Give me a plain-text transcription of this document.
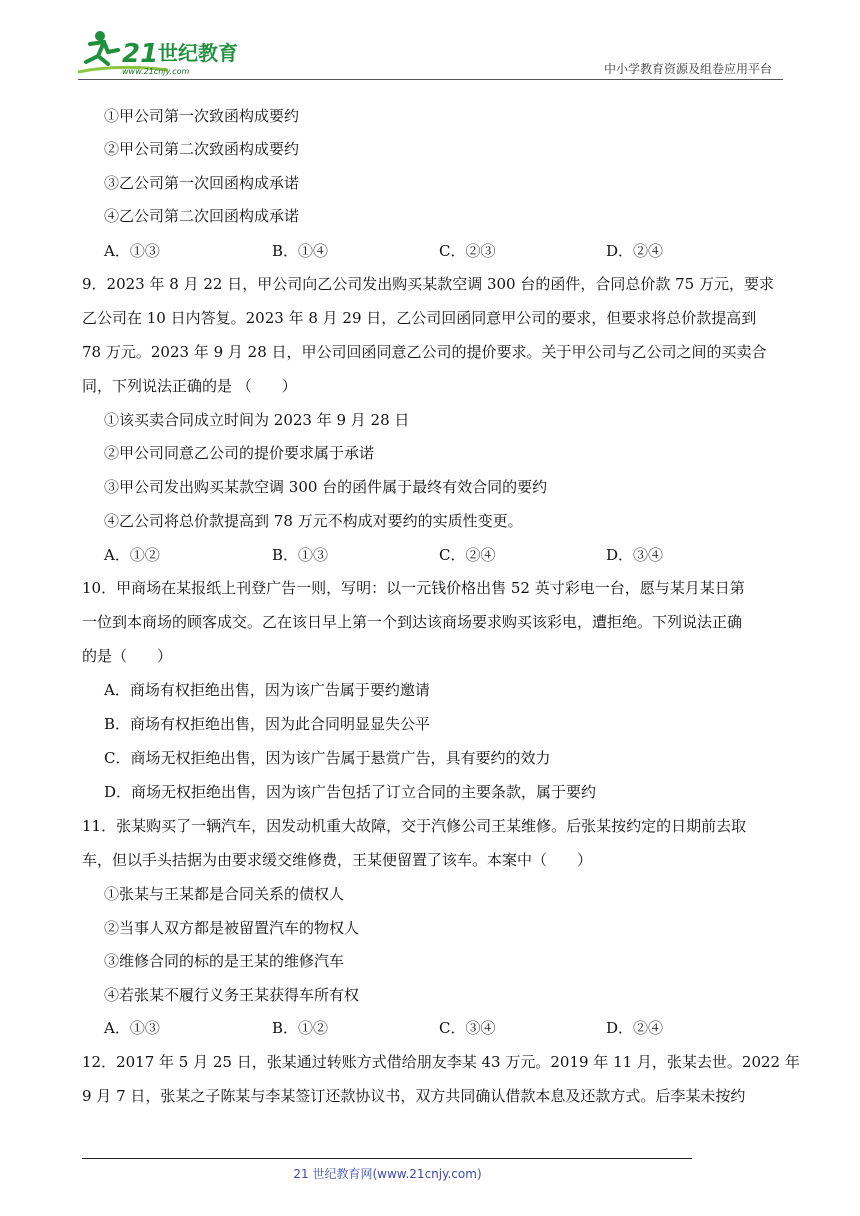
21 世纪教育
www.21cnjy.com	中小学教育资源及组卷应用平台
①甲公司第一次致函构成要约
②甲公司第二次致函构成要约
③乙公司第一次回函构成承诺
④乙公司第二次回函构成承诺
A．①③	B．①④	C．②③	D．②④
9．2023 年 8 月 22 日，甲公司向乙公司发出购买某款空调 300 台的函件，合同总价款 75 万元，要求
乙公司在 10 日内答复。2023 年 8 月 29 日，乙公司回函同意甲公司的要求，但要求将总价款提高到
78 万元。2023 年 9 月 28 日，甲公司回函同意乙公司的提价要求。关于甲公司与乙公司之间的买卖合
同，下列说法正确的是 （　　）
①该买卖合同成立时间为 2023 年 9 月 28 日
②甲公司同意乙公司的提价要求属于承诺
③甲公司发出购买某款空调 300 台的函件属于最终有效合同的要约
④乙公司将总价款提高到 78 万元不构成对要约的实质性变更。
A．①②	B．①③	C．②④	D．③④
10．甲商场在某报纸上刊登广告一则，写明：以一元钱价格出售 52 英寸彩电一台，愿与某月某日第
一位到本商场的顾客成交。乙在该日早上第一个到达该商场要求购买该彩电，遭拒绝。下列说法正确
的是（　　）
A．商场有权拒绝出售，因为该广告属于要约邀请
B．商场有权拒绝出售，因为此合同明显显失公平
C．商场无权拒绝出售，因为该广告属于悬赏广告，具有要约的效力
D．商场无权拒绝出售，因为该广告包括了订立合同的主要条款，属于要约
11．张某购买了一辆汽车，因发动机重大故障，交于汽修公司王某维修。后张某按约定的日期前去取
车，但以手头拮据为由要求缓交维修费，王某便留置了该车。本案中（　　）
①张某与王某都是合同关系的债权人
②当事人双方都是被留置汽车的物权人
③维修合同的标的是王某的维修汽车
④若张某不履行义务王某获得车所有权
A．①③	B．①②	C．③④	D．②④
12．2017 年 5 月 25 日，张某通过转账方式借给朋友李某 43 万元。2019 年 11 月，张某去世。2022 年
9 月 7 日，张某之子陈某与李某签订还款协议书，双方共同确认借款本息及还款方式。后李某未按约
21 世纪教育网(www.21cnjy.com)
